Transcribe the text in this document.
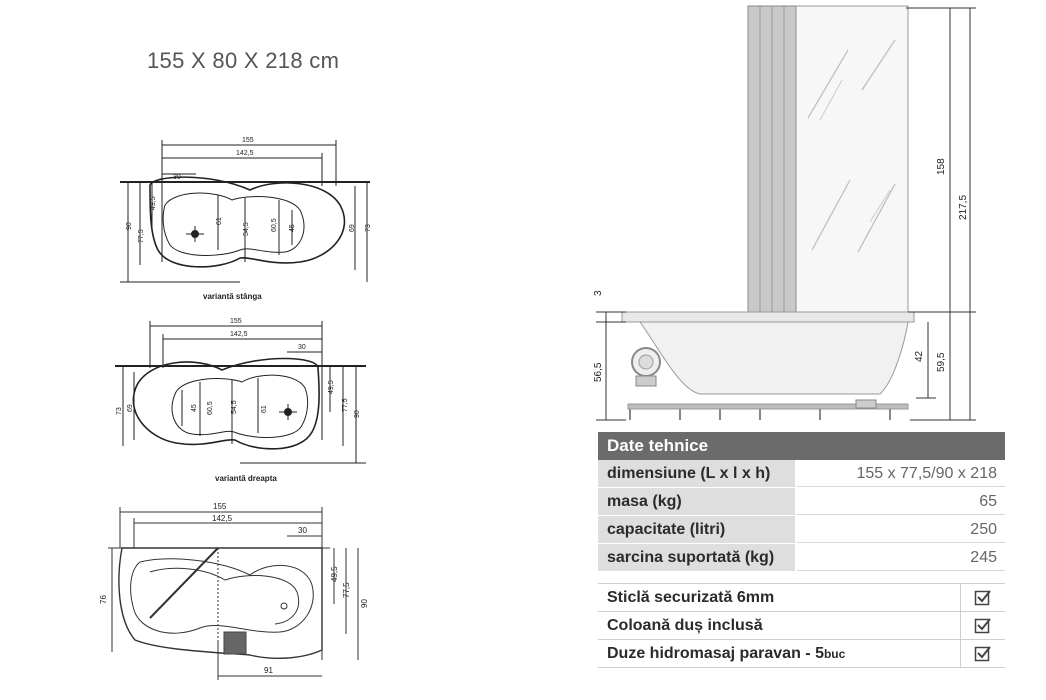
155 X 80 X 218 cm
155
142,5
30
variantă stânga
90
77,5
49,5
61
54,5	60,5 45	69 73
155
142,5
30
variantă dreapta
73 69	45 60,5 54,5	61
49,5
77,5
90
155
142,5
30
91
76
49,5
77,5
90
3
56,5
158
217,5
42 59,5
Date tehnice
dimensiune (L x l x h)	155 x 77,5/90 x 218
masa (kg)	65
capacitate (litri)	250
sarcina suportată (kg)	245
Sticlă securizată 6mm
Coloană duș inclusă
Duze hidromasaj paravan - 5buc
